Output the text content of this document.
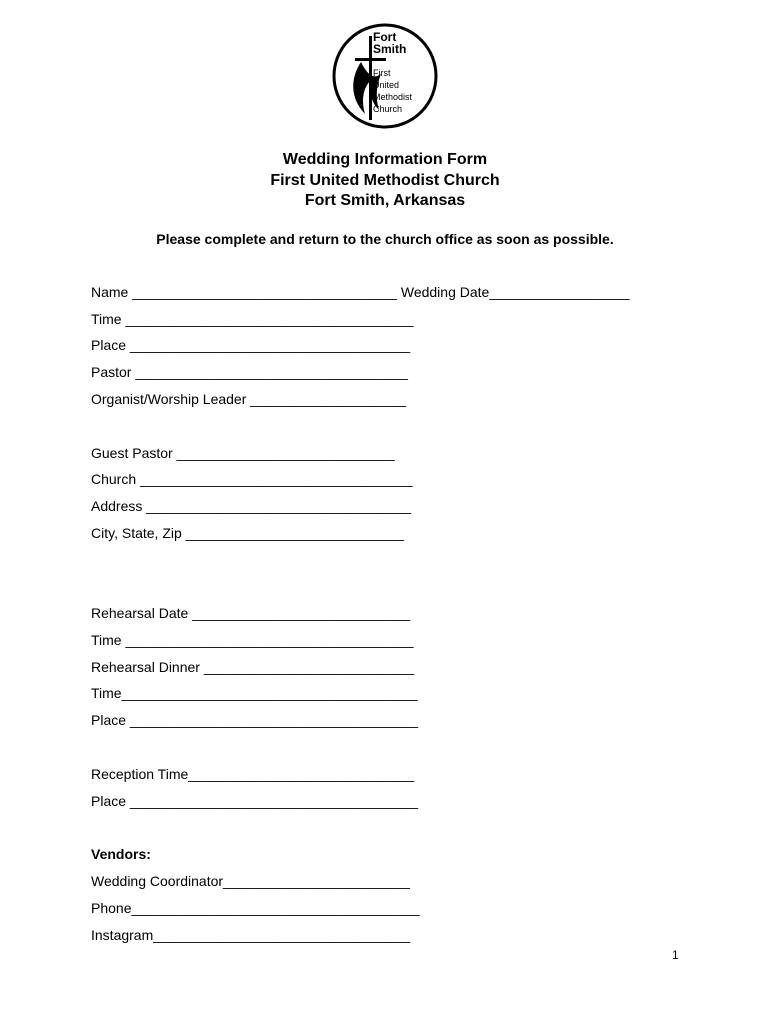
Fort
Smith
First
United
Methodist
Church
Wedding Information Form
First United Methodist Church
Fort Smith, Arkansas
Please complete and return to the church office as soon as possible.
Name __________________________________ Wedding Date__________________
Time _____________________________________
Place ____________________________________
Pastor ___________________________________
Organist/Worship Leader ____________________
Guest Pastor ____________________________
Church ___________________________________
Address __________________________________
City, State, Zip ____________________________
Rehearsal Date ____________________________
Time _____________________________________
Rehearsal Dinner ___________________________
Time______________________________________
Place _____________________________________
Reception Time_____________________________
Place _____________________________________
Vendors:
Wedding Coordinator________________________
Phone_____________________________________
Instagram_________________________________
1
